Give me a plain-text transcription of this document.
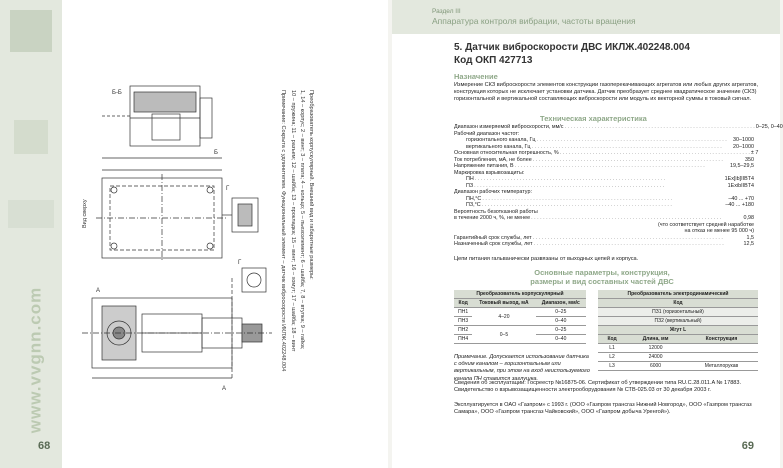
www.vvgnn.com
Б-Б
Вид сверху
Б
Г
А
Г
А
Преобразователь корпускулярный. Внешний вид и габаритные размеры:
1, 14 – корпус; 2 – винт; 3 – плата; 4 – кольцо; 5 – пьезоэлемент; 6 – шайба; 7, 8 – втулка; 9 – гайка;
10 – пружина; 11 – разъем; 12 – шайба; 13 – прокладка; 15 – винт; 16 – хомут; 17 – шайба; 18 – винт
Примечание: Сокрыта с удлинителем. Функциональный элемент – датчик виброскорости ИКЛЖ.402248.004
68
Раздел III
Аппаратура контроля вибрации, частоты вращения
5. Датчик виброскорости ДВС ИКЛЖ.402248.004
Код ОКП 427713
Назначение
Измерение СКЗ виброскорости элементов конструкции газоперекачивающих агрегатов или любых других агрегатов, конструкция которых не исключает установки датчика. Датчик преобразует среднее квадратическое значение (СКЗ) горизонтальной и вертикальной составляющих виброскорости или модуль их векторной суммы в токовый сигнал.
Техническая характеристика
Диапазон измеряемой виброскорости, мм/с . . . . . . . . . . . . . . . . . . . . . . . . . . . . . . . . . . . . . . . . . . . . . . . . . . . . . . . . . . . . . . . . 0–25, 0–40
Рабочий диапазон частот:
горизонтального канала, Гц . . . . . . . . . . . . . . . . . . . . . . . . . . . . . . . . . . . . . . . . . . . . . . . . . . . . . . . . . . . . . . . .	30–1000
вертикального канала, Гц . . . . . . . . . . . . . . . . . . . . . . . . . . . . . . . . . . . . . . . . . . . . . . . . . . . . . . . . . . . . . . . .	20–1000
Основная относительная погрешность, % . . . . . . . . . . . . . . . . . . . . . . . . . . . . . . . . . . . . . . . . . . . . . . . . . . . . . . . . . . . . . . . . ± 7
Ток потребления, мА, не более . . . . . . . . . . . . . . . . . . . . . . . . . . . . . . . . . . . . . . . . . . . . . . . . . . . . . . . . . . . . . . . .	350
Напряжение питания, В . . . . . . . . . . . . . . . . . . . . . . . . . . . . . . . . . . . . . . . . . . . . . . . . . . . . . . . . . . . . . . . .	19,5–29,5
Маркировка взрывозащиты:
ПН . . . . . . . . . . . . . . . . . . . . . . . . . . . . . . . . . . . . . . . . . . . . . . . . . . . . . . . . . . . . . . . .	1Ex[ib]IIBT4
ПЗ . . . . . . . . . . . . . . . . . . . . . . . . . . . . . . . . . . . . . . . . . . . . . . . . . . . . . . . . . . . . . . . .	1ExibIIBT4
Диапазон рабочих температур:
ПН,°С . . . . . . . . . . . . . . . . . . . . . . . . . . . . . . . . . . . . . . . . . . . . . . . . . . . . . . . . . . . . . . . .	–40 ... +70
ПЗ,°С . . . . . . . . . . . . . . . . . . . . . . . . . . . . . . . . . . . . . . . . . . . . . . . . . . . . . . . . . . . . . . . .	–40 ... +180
Вероятность безотказной работы
в течение 2000 ч, %, не менее . . . . . . . . . . . . . . . . . . . . . . . . . . . . . . . . . . . . . . . . . . . . . . . . . . . . . . . . . . . . . . . .	0,98
(что соответствует средней наработке
на отказ не менее 95 000 ч)
Гарантийный срок службы, лет . . . . . . . . . . . . . . . . . . . . . . . . . . . . . . . . . . . . . . . . . . . . . . . . . . . . . . . . . . . . . . . .	1,5
Назначенный срок службы, лет . . . . . . . . . . . . . . . . . . . . . . . . . . . . . . . . . . . . . . . . . . . . . . . . . . . . . . . . . . . . . . . .	12,5
Цепи питания гальванически развязаны от выходных цепей и корпуса.
Основные параметры, конструкция,
размеры и вид составных частей ДВС
Преобразователь корпускулярный		
Код	Токовый выход, мА	Диапазон, мм/с
ПН1	4–20	0–25
ПН3		0–40
ПН2	0–5	0–25
ПН4		0–40
Преобразователь электродинамический		
Код		
ПЗ1 (горизонтальный)		
ПЗ2 (вертикальный)		
Жгут L		
Код	Длина, мм	Конструкция
L1	12000	
L2	24000	
L3	6000	Металлорукав
Примечание. Допускается использование датчика с одним каналом – горизонтальным или вертикальным, при этом на вход неиспользуемого канала ПН ставится заглушка.
Сведения об эксплуатации: Госреестр №16875-06. Сертификат об утверждении типа RU.C.28.011.A № 17883. Свидетельство о взрывозащищенности электрооборудования № СТВ-025.03 от 30 декабря 2003 г.
Эксплуатируется в ОАО «Газпром» с 1993 г. (ООО «Газпром трансгаз Нижний Новгород», ООО «Газпром трансгаз Самара», ООО «Газпром трансгаз Чайковский», ООО «Газпром добыча Уренгой»).
69
